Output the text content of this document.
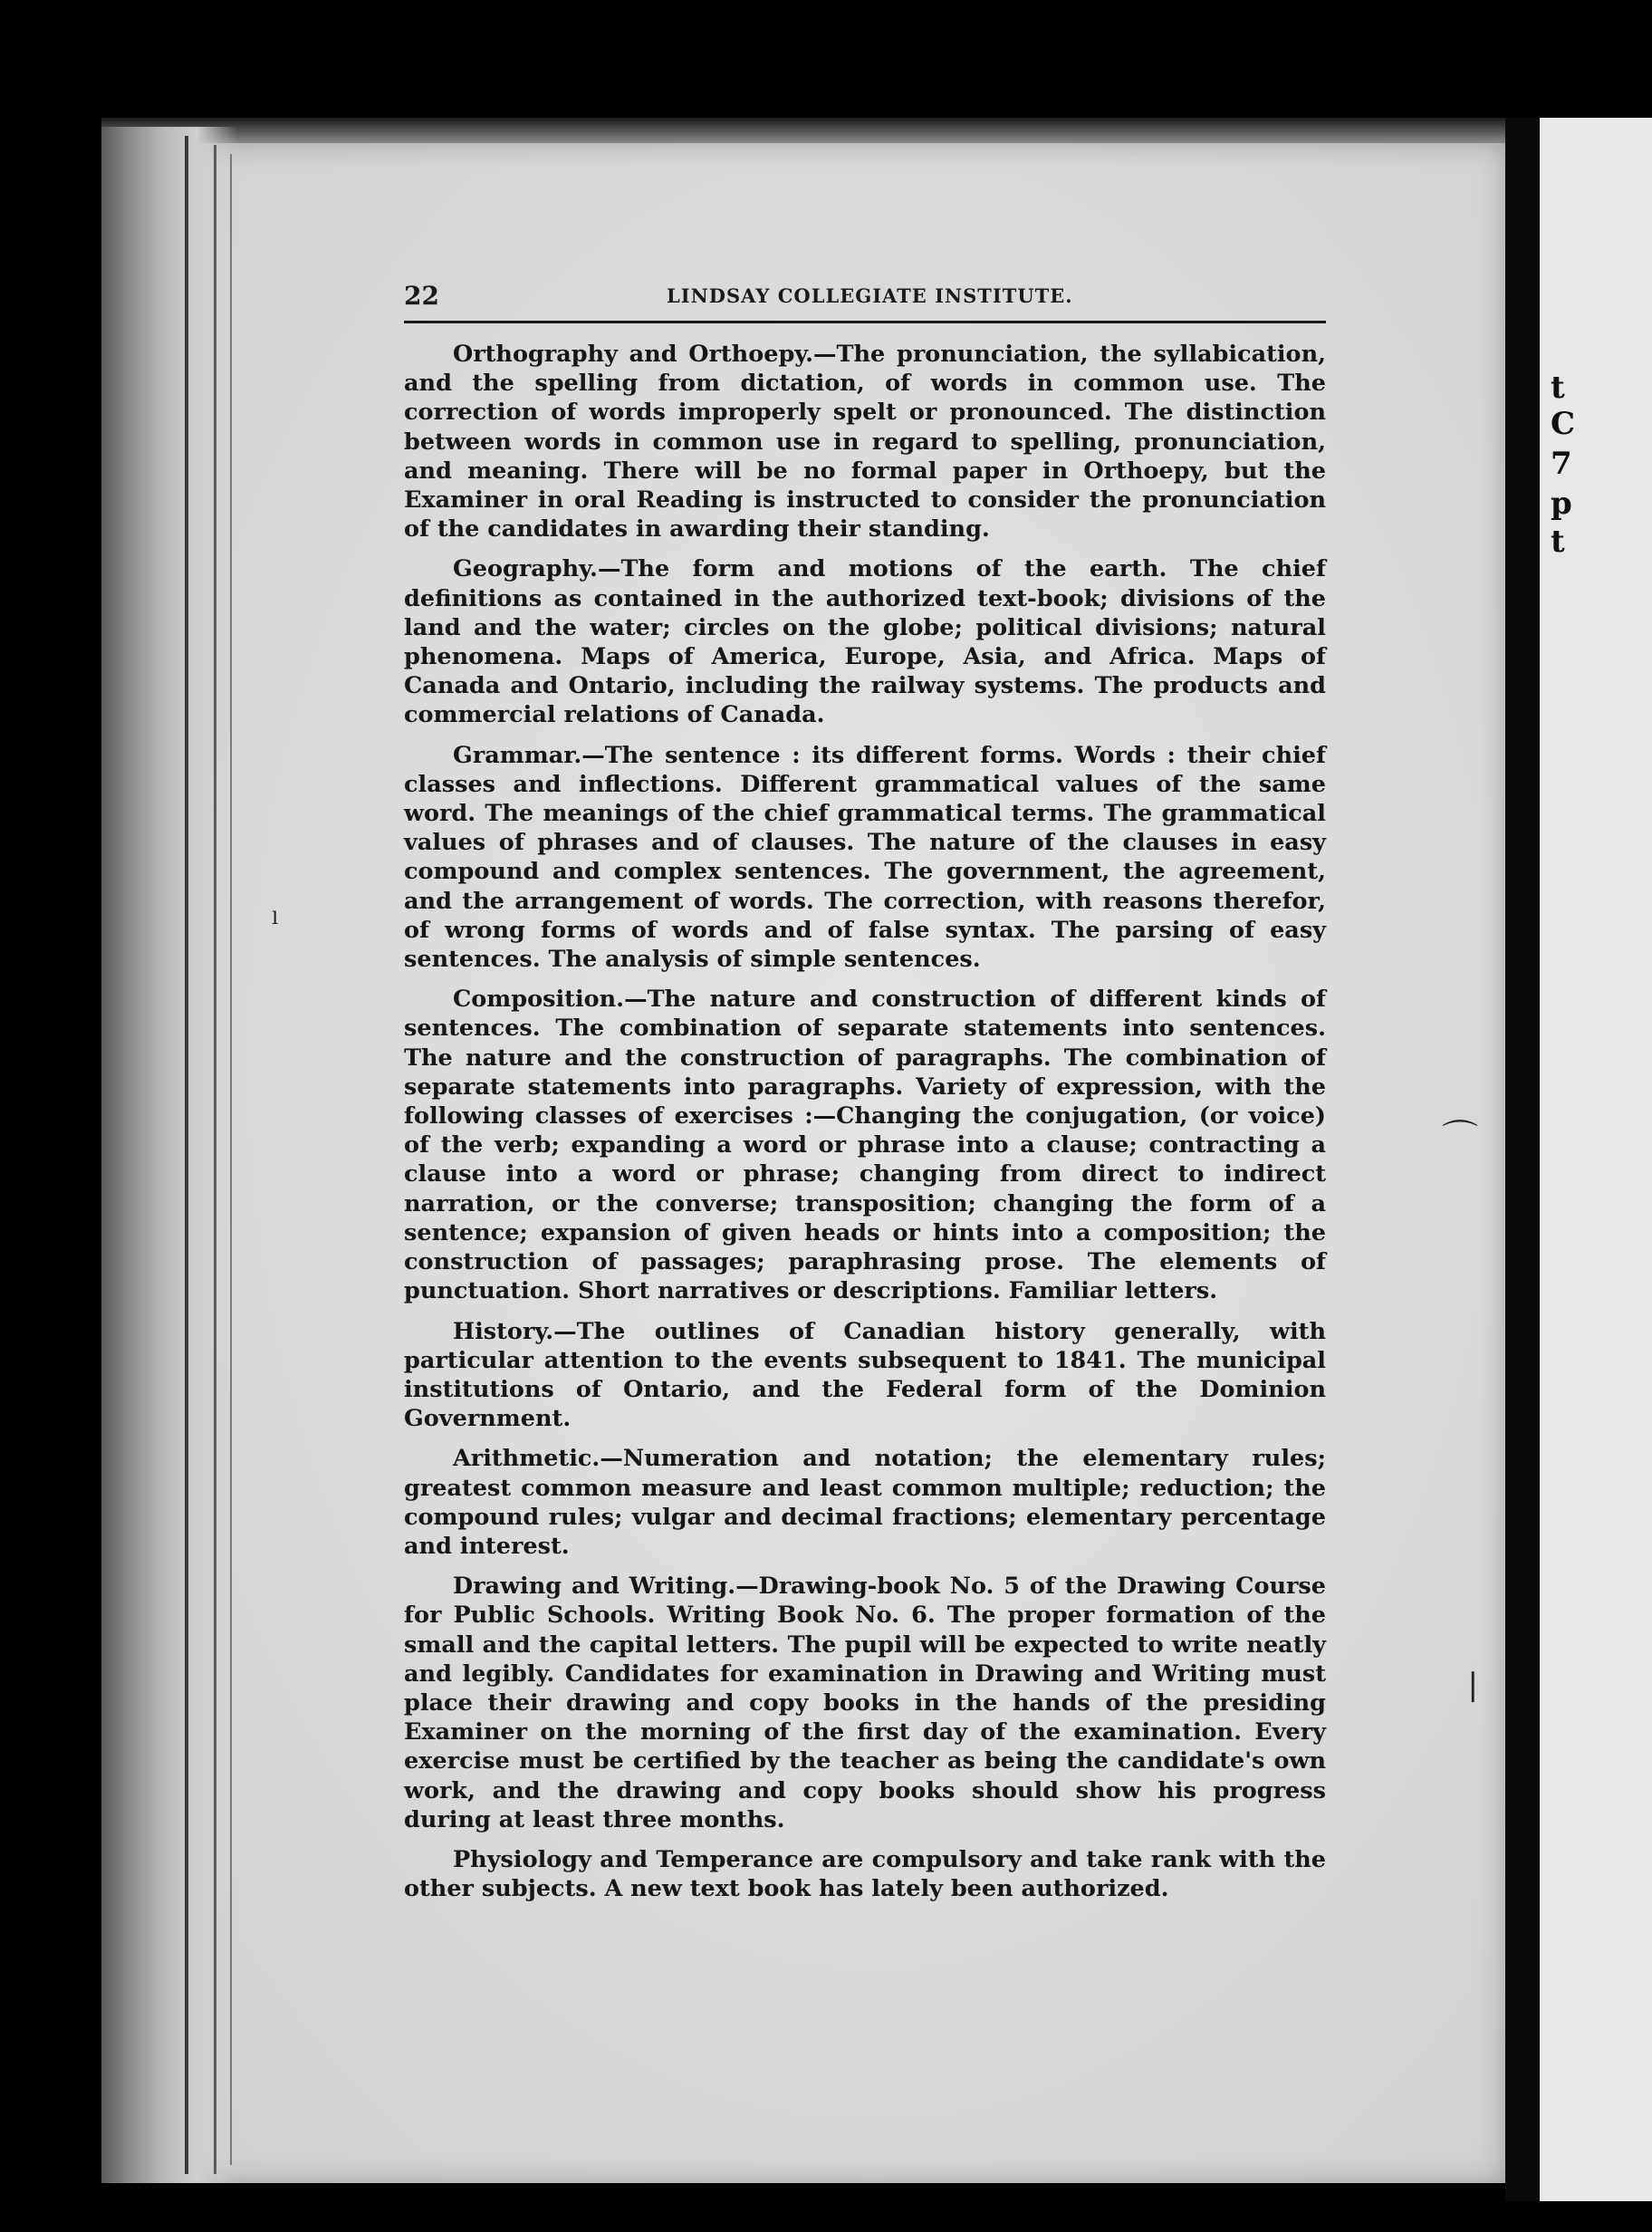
t
C
7
p
t
22	LINDSAY COLLEGIATE INSTITUTE.

Orthography and Orthoepy.—The pronunciation, the syllabication, and the spelling from dictation, of words in common use. The correction of words improperly spelt or pronounced. The distinction between words in common use in regard to spelling, pronunciation, and meaning. There will be no formal paper in Orthoepy, but the Examiner in oral Reading is instructed to consider the pronunciation of the candidates in awarding their standing.

Geography.—The form and motions of the earth. The chief definitions as contained in the authorized text-book; divisions of the land and the water; circles on the globe; political divisions; natural phenomena. Maps of America, Europe, Asia, and Africa. Maps of Canada and Ontario, including the railway systems. The products and commercial relations of Canada.

Grammar.—The sentence : its different forms. Words : their chief classes and inflections. Different grammatical values of the same word. The meanings of the chief grammatical terms. The grammatical values of phrases and of clauses. The nature of the clauses in easy compound and complex sentences. The government, the agreement, and the arrangement of words. The correction, with reasons therefor, of wrong forms of words and of false syntax. The parsing of easy sentences. The analysis of simple sentences.

Composition.—The nature and construction of different kinds of sentences. The combination of separate statements into sentences. The nature and the construction of paragraphs. The combination of separate statements into paragraphs. Variety of expression, with the following classes of exercises :—Changing the conjugation, (or voice) of the verb; expanding a word or phrase into a clause; contracting a clause into a word or phrase; changing from direct to indirect narration, or the converse; transposition; changing the form of a sentence; expansion of given heads or hints into a composition; the construction of passages; paraphrasing prose. The elements of punctuation. Short narratives or descriptions. Familiar letters.

History.—The outlines of Canadian history generally, with particular attention to the events subsequent to 1841. The municipal institutions of Ontario, and the Federal form of the Dominion Government.

Arithmetic.—Numeration and notation; the elementary rules; greatest common measure and least common multiple; reduction; the compound rules; vulgar and decimal fractions; elementary percentage and interest.

Drawing and Writing.—Drawing-book No. 5 of the Drawing Course for Public Schools. Writing Book No. 6. The proper formation of the small and the capital letters. The pupil will be expected to write neatly and legibly. Candidates for examination in Drawing and Writing must place their drawing and copy books in the hands of the presiding Examiner on the morning of the first day of the examination. Every exercise must be certified by the teacher as being the candidate's own work, and the drawing and copy books should show his progress during at least three months.

Physiology and Temperance are compulsory and take rank with the other subjects. A new text book has lately been authorized.

ˡ
⌒
❘
